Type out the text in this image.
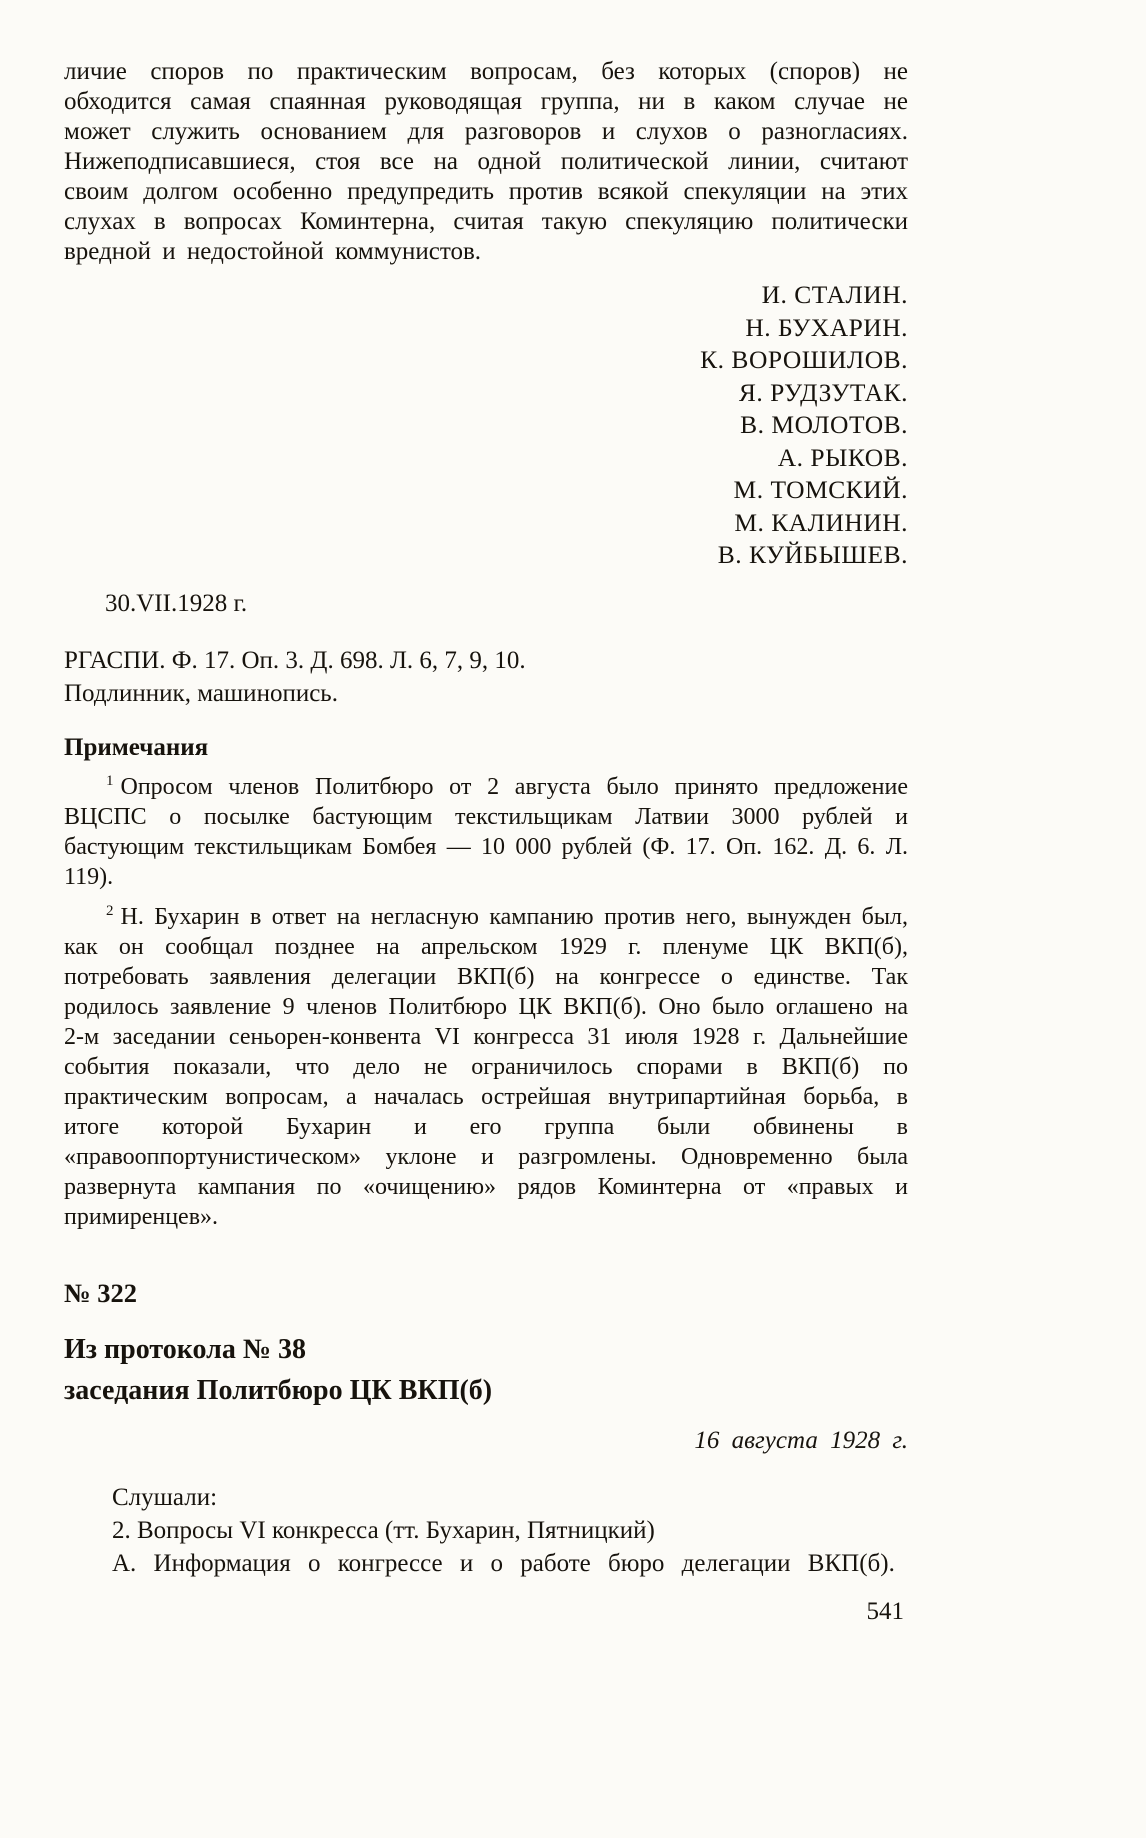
личие споров по практическим вопросам, без которых (споров) не обходится самая спаянная руководящая группа, ни в каком случае не может служить основанием для разговоров и слухов о разногласиях. Нижеподписавшиеся, стоя все на одной политической линии, считают своим долгом особенно предупредить против всякой спекуляции на этих слухах в вопросах Коминтерна, считая такую спекуляцию политически вредной и недостойной коммунистов.

И. СТАЛИН.
Н. БУХАРИН.
К. ВОРОШИЛОВ.
Я. РУДЗУТАК.
В. МОЛОТОВ.
А. РЫКОВ.
М. ТОМСКИЙ.
М. КАЛИНИН.
В. КУЙБЫШЕВ.

30.VII.1928 г.

РГАСПИ. Ф. 17. Оп. 3. Д. 698. Л. 6, 7, 9, 10.

Подлинник, машинопись.

Примечания

$^1$ Опросом членов Политбюро от 2 августа было принято предложение ВЦСПС о посылке бастующим текстильщикам Латвии 3000 рублей и бастующим текстильщикам Бомбея — 10 000 рублей (Ф. 17. Оп. 162. Д. 6. Л. 119).

$^2$ Н. Бухарин в ответ на негласную кампанию против него, вынужден был, как он сообщал позднее на апрельском 1929 г. пленуме ЦК ВКП(б), потребовать заявления делегации ВКП(б) на конгрессе о единстве. Так родилось заявление 9 членов Политбюро ЦК ВКП(б). Оно было оглашено на 2-м заседании сеньорен-конвента VI конгресса 31 июля 1928 г. Дальнейшие события показали, что дело не ограничилось спорами в ВКП(б) по практическим вопросам, а началась острейшая внутрипартийная борьба, в итоге которой Бухарин и его группа были обвинены в «правооппортунистическом» уклоне и разгромлены. Одновременно была развернута кампания по «очищению» рядов Коминтерна от «правых и примиренцев».

№ 322

Из протокола № 38
заседания Политбюро ЦК ВКП(б)

16 августа 1928 г.

Слушали:

2. Вопросы VI конкресса (тт. Бухарин, Пятницкий)

А. Информация о конгрессе и о работе бюро делегации ВКП(б).

541
